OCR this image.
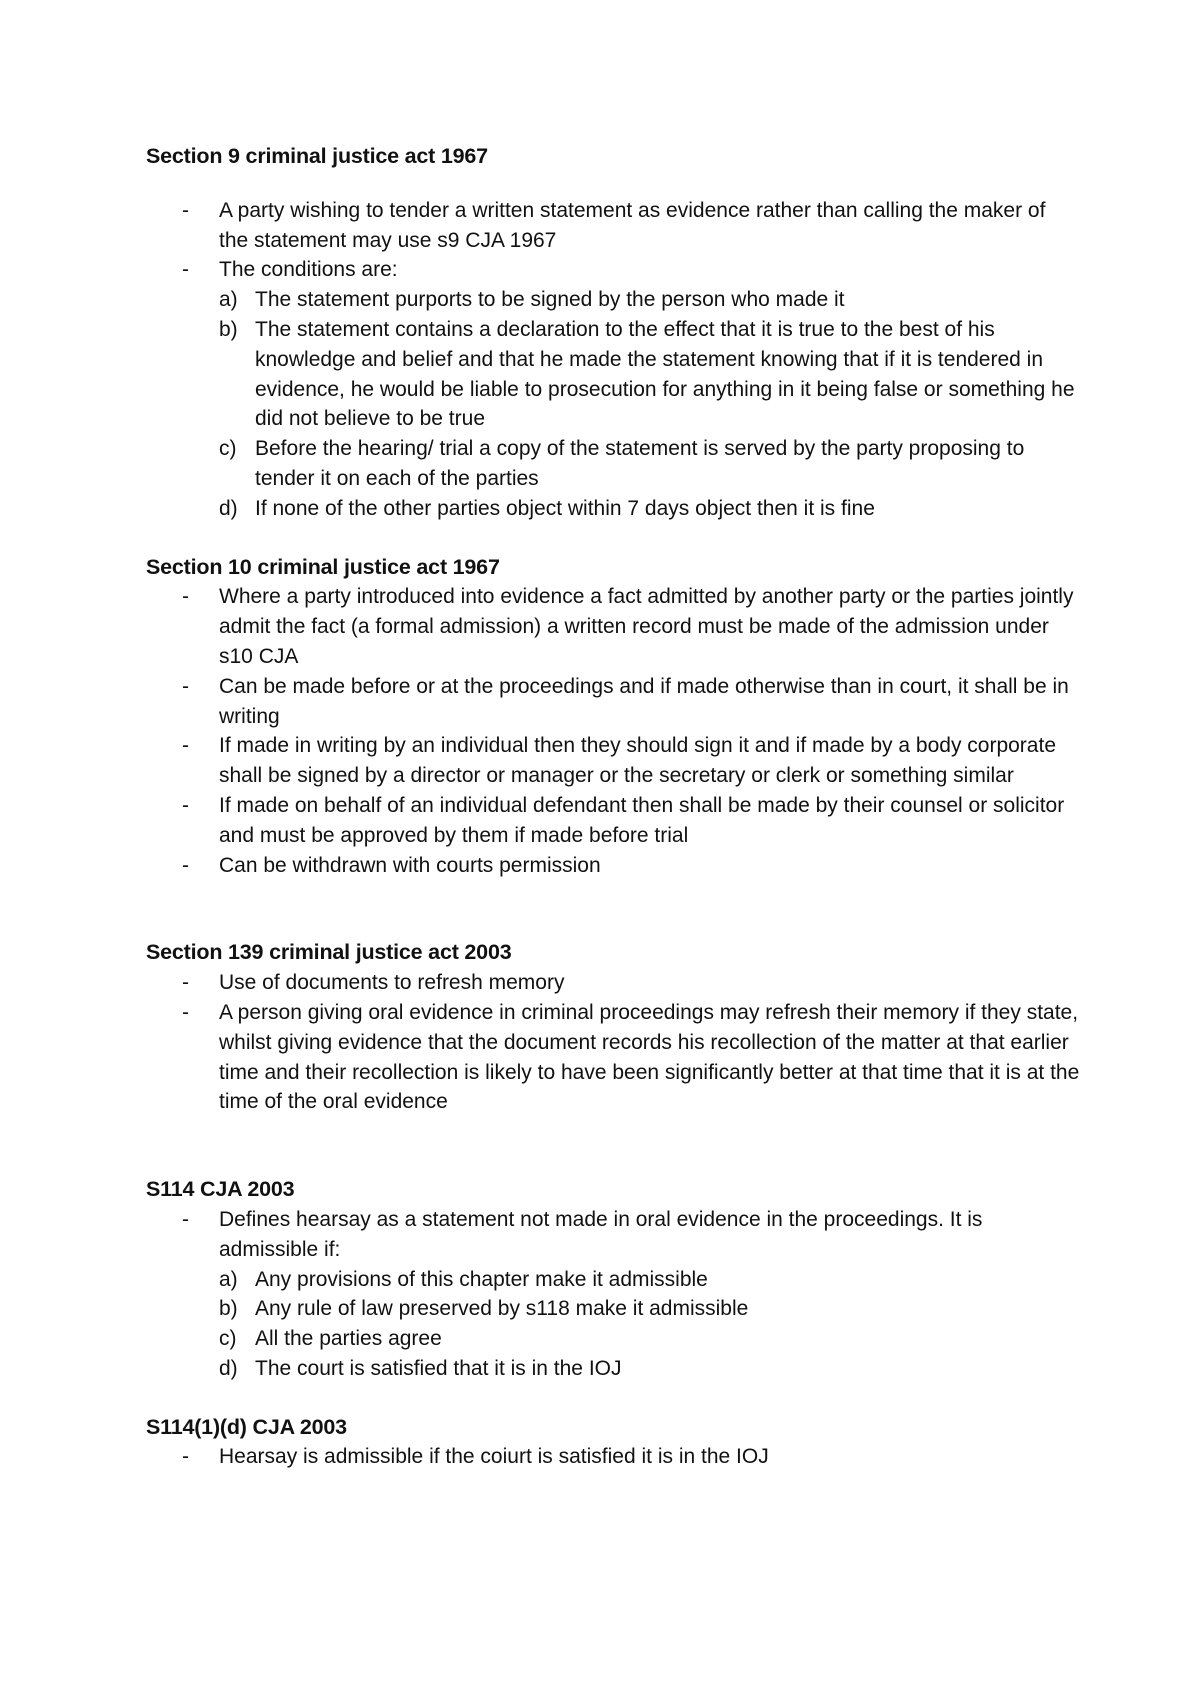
Section 9 criminal justice act 1967

- A party wishing to tender a written statement as evidence rather than calling the maker of the statement may use s9 CJA 1967
- The conditions are:
a) The statement purports to be signed by the person who made it
b) The statement contains a declaration to the effect that it is true to the best of his knowledge and belief and that he made the statement knowing that if it is tendered in evidence, he would be liable to prosecution for anything in it being false or something he did not believe to be true
c) Before the hearing/ trial a copy of the statement is served by the party proposing to tender it on each of the parties
d) If none of the other parties object within 7 days object then it is fine

Section 10 criminal justice act 1967

- Where a party introduced into evidence a fact admitted by another party or the parties jointly admit the fact (a formal admission) a written record must be made of the admission under s10 CJA
- Can be made before or at the proceedings and if made otherwise than in court, it shall be in writing
- If made in writing by an individual then they should sign it and if made by a body corporate shall be signed by a director or manager or the secretary or clerk or something similar
- If made on behalf of an individual defendant then shall be made by their counsel or solicitor and must be approved by them if made before trial
- Can be withdrawn with courts permission

Section 139 criminal justice act 2003

- Use of documents to refresh memory
- A person giving oral evidence in criminal proceedings may refresh their memory if they state, whilst giving evidence that the document records his recollection of the matter at that earlier time and their recollection is likely to have been significantly better at that time that it is at the time of the oral evidence

S114 CJA 2003

- Defines hearsay as a statement not made in oral evidence in the proceedings. It is admissible if:
a) Any provisions of this chapter make it admissible
b) Any rule of law preserved by s118 make it admissible
c) All the parties agree
d) The court is satisfied that it is in the IOJ

S114(1)(d) CJA 2003

- Hearsay is admissible if the coiurt is satisfied it is in the IOJ
